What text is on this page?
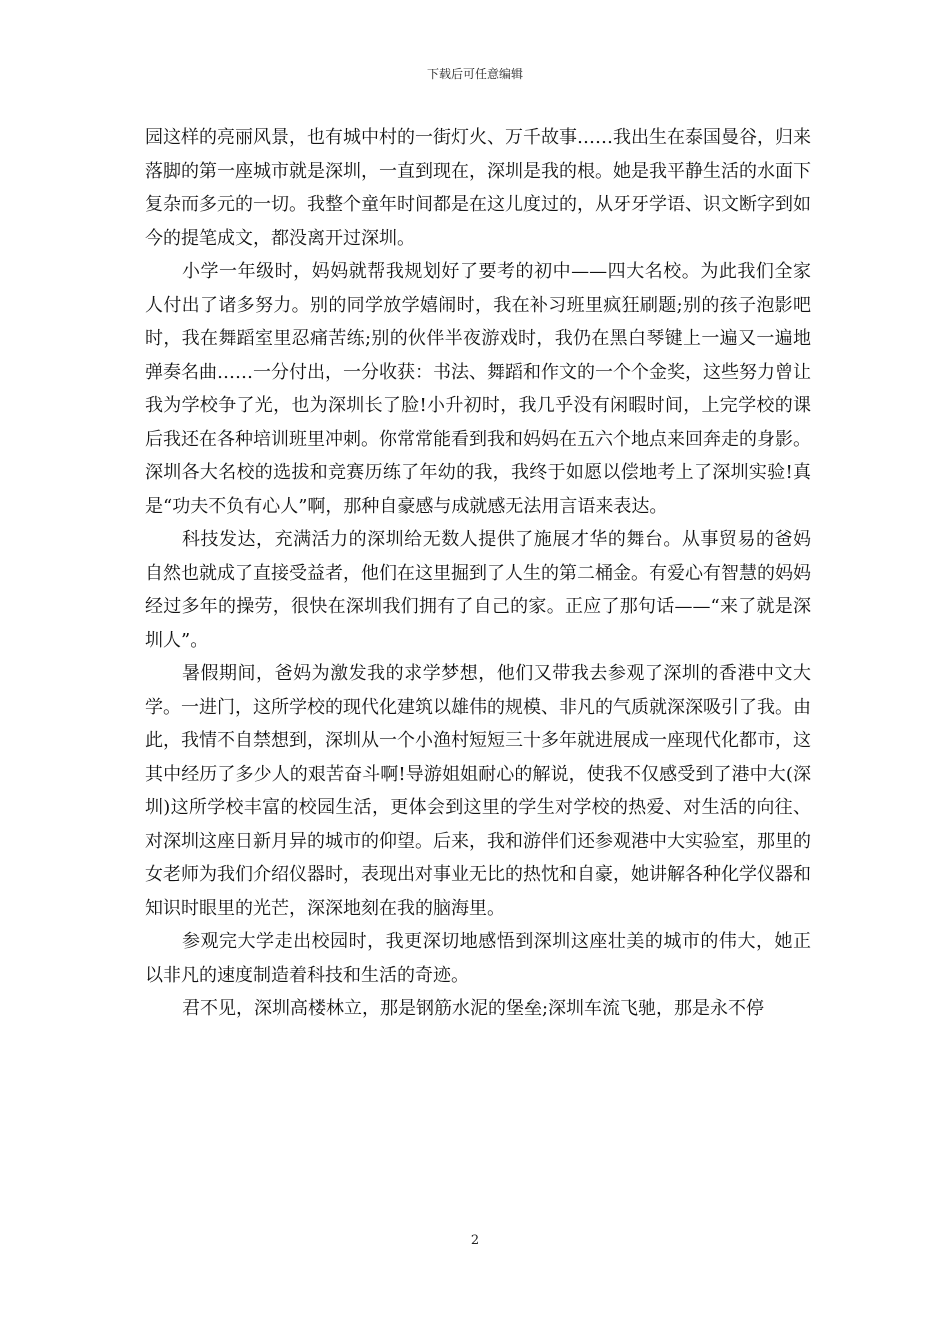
下载后可任意编辑

园这样的亮丽风景，也有城中村的一街灯火、万千故事……我出生在泰国曼谷，归来落脚的第一座城市就是深圳，一直到现在，深圳是我的根。她是我平静生活的水面下复杂而多元的一切。我整个童年时间都是在这儿度过的，从牙牙学语、识文断字到如今的提笔成文，都没离开过深圳。

小学一年级时，妈妈就帮我规划好了要考的初中——四大名校。为此我们全家人付出了诸多努力。别的同学放学嬉闹时，我在补习班里疯狂刷题;别的孩子泡影吧时，我在舞蹈室里忍痛苦练;别的伙伴半夜游戏时，我仍在黑白琴键上一遍又一遍地弹奏名曲……一分付出，一分收获：书法、舞蹈和作文的一个个金奖，这些努力曾让我为学校争了光，也为深圳长了脸!小升初时，我几乎没有闲暇时间，上完学校的课后我还在各种培训班里冲刺。你常常能看到我和妈妈在五六个地点来回奔走的身影。深圳各大名校的选拔和竞赛历练了年幼的我，我终于如愿以偿地考上了深圳实验!真是“功夫不负有心人”啊，那种自豪感与成就感无法用言语来表达。

科技发达，充满活力的深圳给无数人提供了施展才华的舞台。从事贸易的爸妈自然也就成了直接受益者，他们在这里掘到了人生的第二桶金。有爱心有智慧的妈妈经过多年的操劳，很快在深圳我们拥有了自己的家。正应了那句话——“来了就是深圳人”。

暑假期间，爸妈为激发我的求学梦想，他们又带我去参观了深圳的香港中文大学。一进门，这所学校的现代化建筑以雄伟的规模、非凡的气质就深深吸引了我。由此，我情不自禁想到，深圳从一个小渔村短短三十多年就进展成一座现代化都市，这其中经历了多少人的艰苦奋斗啊!导游姐姐耐心的解说，使我不仅感受到了港中大(深圳)这所学校丰富的校园生活，更体会到这里的学生对学校的热爱、对生活的向往、对深圳这座日新月异的城市的仰望。后来，我和游伴们还参观港中大实验室，那里的女老师为我们介绍仪器时，表现出对事业无比的热忱和自豪，她讲解各种化学仪器和知识时眼里的光芒，深深地刻在我的脑海里。

参观完大学走出校园时，我更深切地感悟到深圳这座壮美的城市的伟大，她正以非凡的速度制造着科技和生活的奇迹。

君不见，深圳高楼林立，那是钢筋水泥的堡垒;深圳车流飞驰，那是永不停

2
